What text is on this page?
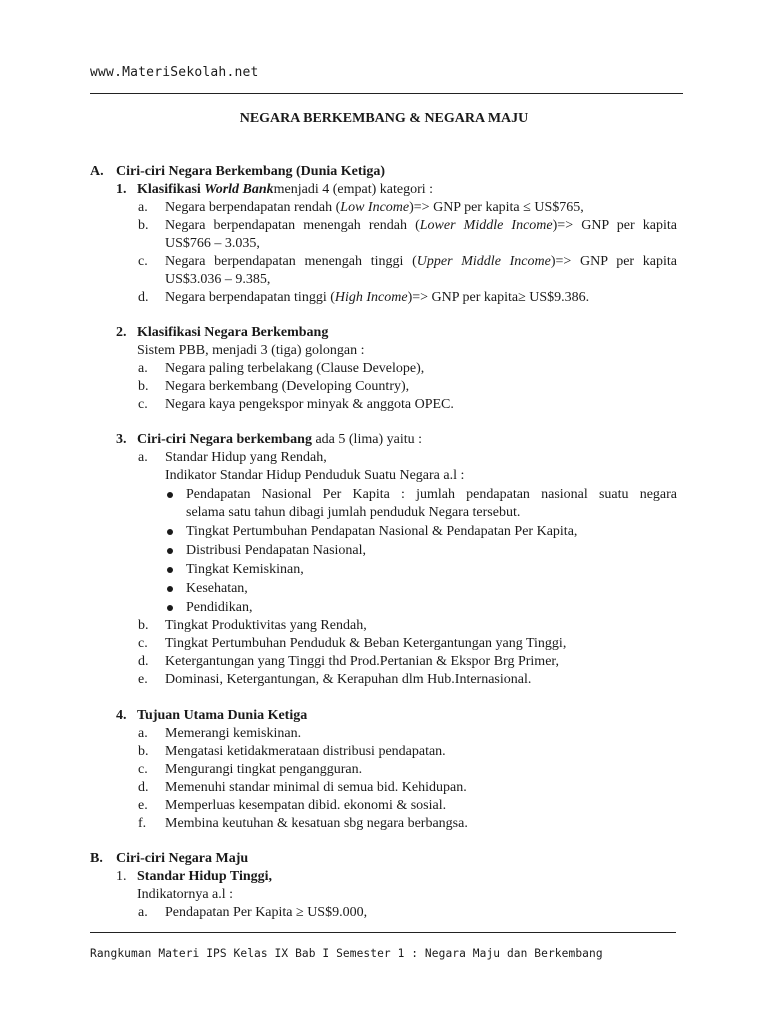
www.MateriSekolah.net
NEGARA BERKEMBANG & NEGARA MAJU
A. Ciri-ciri Negara Berkembang (Dunia Ketiga)
1. Klasifikasi World Bankmenjadi 4 (empat) kategori :
a. Negara berpendapatan rendah (Low Income)=> GNP per kapita ≤ US$765,
b. Negara berpendapatan menengah rendah (Lower Middle Income)=> GNP per kapita
US$766 – 3.035,
c. Negara berpendapatan menengah tinggi (Upper Middle Income)=> GNP per kapita
US$3.036 – 9.385,
d. Negara berpendapatan tinggi (High Income)=> GNP per kapita≥ US$9.386.
2. Klasifikasi Negara Berkembang
Sistem PBB, menjadi 3 (tiga) golongan :
a. Negara paling terbelakang (Clause Develope),
b. Negara berkembang (Developing Country),
c. Negara kaya pengekspor minyak & anggota OPEC.
3. Ciri-ciri Negara berkembang ada 5 (lima) yaitu :
a. Standar Hidup yang Rendah,
Indikator Standar Hidup Penduduk Suatu Negara a.l :
Pendapatan Nasional Per Kapita : jumlah pendapatan nasional suatu negara
selama satu tahun dibagi jumlah penduduk Negara tersebut.
Tingkat Pertumbuhan Pendapatan Nasional & Pendapatan Per Kapita,
Distribusi Pendapatan Nasional,
Tingkat Kemiskinan,
Kesehatan,
Pendidikan,
b. Tingkat Produktivitas yang Rendah,
c. Tingkat Pertumbuhan Penduduk & Beban Ketergantungan yang Tinggi,
d. Ketergantungan yang Tinggi thd Prod.Pertanian & Ekspor Brg Primer,
e. Dominasi, Ketergantungan, & Kerapuhan dlm Hub.Internasional.
4. Tujuan Utama Dunia Ketiga
a. Memerangi kemiskinan.
b. Mengatasi ketidakmerataan distribusi pendapatan.
c. Mengurangi tingkat pengangguran.
d. Memenuhi standar minimal di semua bid. Kehidupan.
e. Memperluas kesempatan dibid. ekonomi & sosial.
f. Membina keutuhan & kesatuan sbg negara berbangsa.
B. Ciri-ciri Negara Maju
1. Standar Hidup Tinggi,
Indikatornya a.l :
a. Pendapatan Per Kapita ≥ US$9.000,
Rangkuman Materi IPS Kelas IX Bab I Semester 1 : Negara Maju dan Berkembang
